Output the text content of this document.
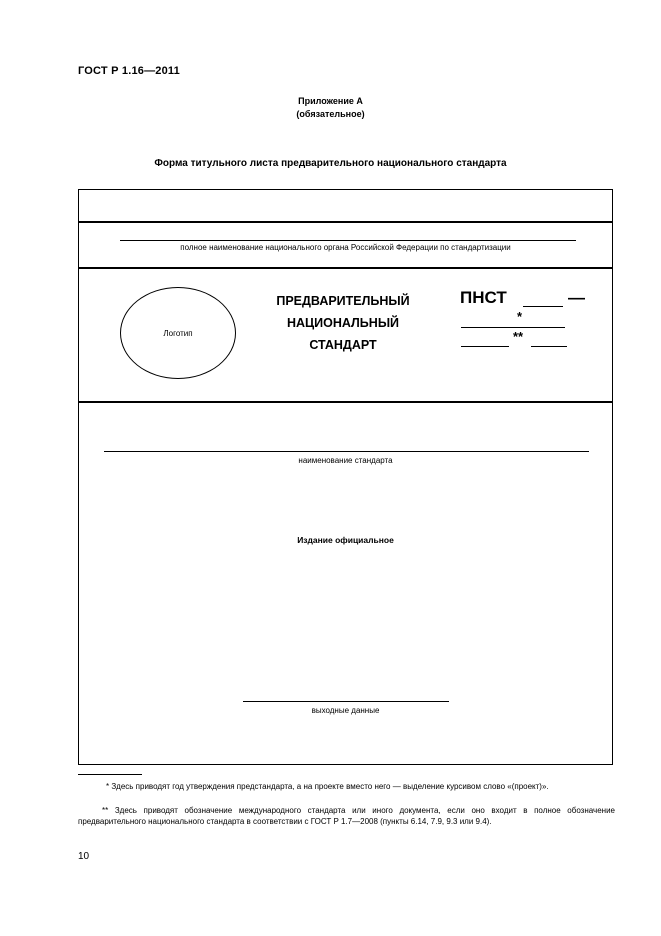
ГОСТ Р 1.16—2011
Приложение А
(обязательное)
Форма титульного листа предварительного национального стандарта
полное наименование национального органа Российской Федерации по стандартизации
Логотип
ПРЕДВАРИТЕЛЬНЫЙ
НАЦИОНАЛЬНЫЙ
СТАНДАРТ
ПНСТ	—
*
**
наименование стандарта
Издание официальное
выходные данные
* Здесь приводят год утверждения предстандарта, а на проекте вместо него — выделение курсивом слово «(проект)».
** Здесь приводят обозначение международного стандарта или иного документа, если оно входит в полное обозначение предварительного национального стандарта в соответствии с ГОСТ Р 1.7—2008 (пункты 6.14, 7.9, 9.3 или 9.4).
10
